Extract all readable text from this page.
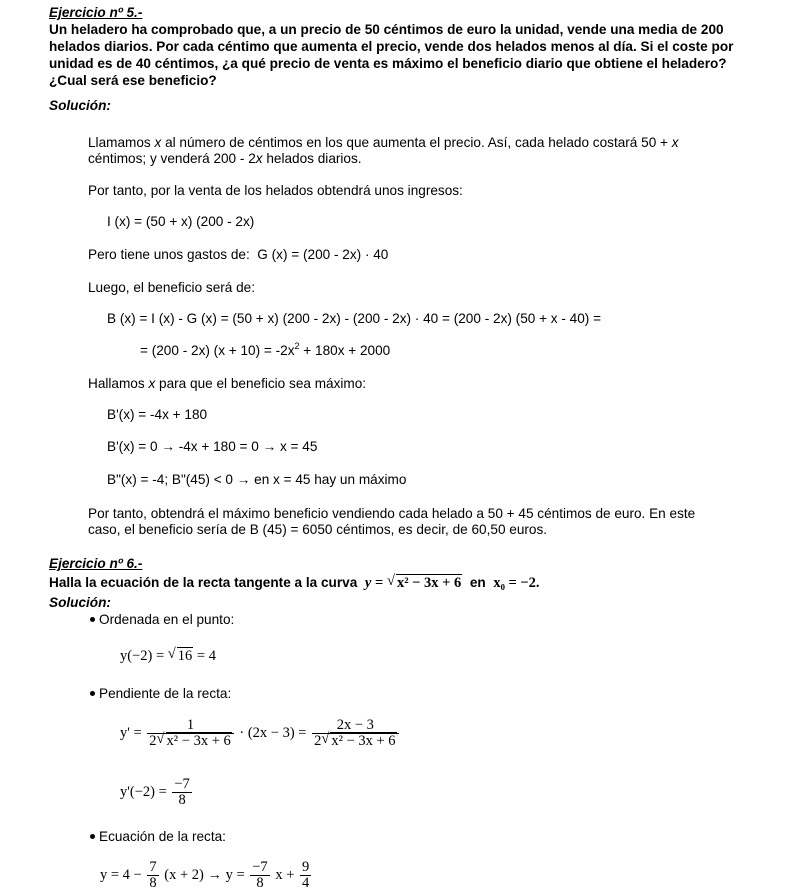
Ejercicio nº 5.-
Un heladero ha comprobado que, a un precio de 50 céntimos de euro la unidad, vende una media de 200 helados diarios. Por cada céntimo que aumenta el precio, vende dos helados menos al día. Si el coste por unidad es de 40 céntimos, ¿a qué precio de venta es máximo el beneficio diario que obtiene el heladero? ¿Cual será ese beneficio?
Solución:
Llamamos x al número de céntimos en los que aumenta el precio. Así, cada helado costará 50 + x
céntimos; y venderá 200 - 2x helados diarios.
Por tanto, por la venta de los helados obtendrá unos ingresos:
I (x) = (50 + x) (200 - 2x)
Pero tiene unos gastos de: G (x) = (200 - 2x) · 40
Luego, el beneficio será de:
B (x) = I (x) - G (x) = (50 + x) (200 - 2x) - (200 - 2x) · 40 = (200 - 2x) (50 + x - 40) =
= (200 - 2x) $(x + 10) = -2x^2 + 180x + 2000$
Hallamos x para que el beneficio sea máximo:
B'(x) = -4x + 180
B'(x) = 0 → -4x + 180 = 0 → x = 45
B"(x) = -4; B"(45) < 0 → en x = 45 hay un máximo
Por tanto, obtendrá el máximo beneficio vendiendo cada helado a 50 + 45 céntimos de euro. En este
caso, el beneficio sería de B (45) = 6050 céntimos, es decir, de 60,50 euros.
Ejercicio nº 6.-
Halla la ecuación de la recta tangente a la curva y = √ x² − 3x + 6 en x₀ = −2.
Solución:
Ordenada en el punto:
y(−2) = √ 16 = 4
Pendiente de la recta:
$y' = \frac{1}{\text{2 √ x² − 3x + 6}} \cdot (2x - 3) = \frac{2x - 3}{\text{2 √ x² − 3x + 6}}$
$y'(-2) = \frac{-7}{8}$
Ecuación de la recta:
$y = 4 - \frac{7}{8} (x + 2) \to y = \frac{-7}{8}$ $x + \frac{9}{4}$
